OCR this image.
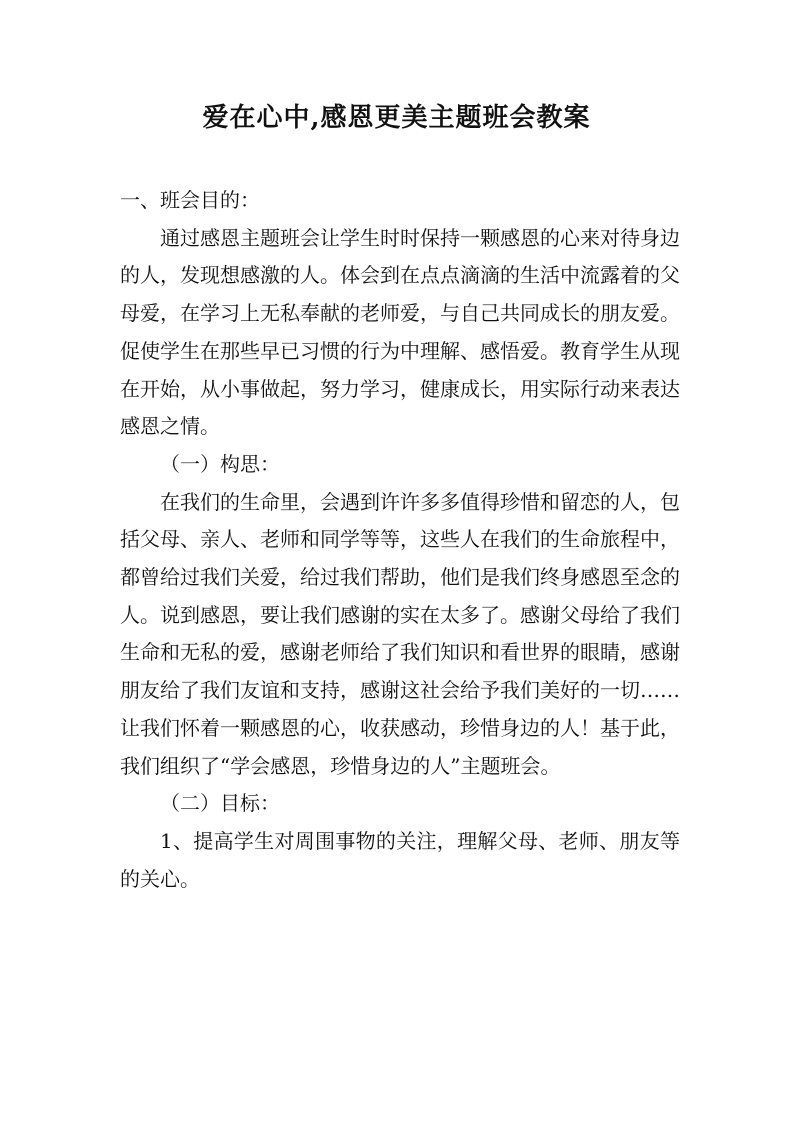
爱在心中,感恩更美主题班会教案

一、班会目的：

通过感恩主题班会让学生时时保持一颗感恩的心来对待身边的人，发现想感激的人。体会到在点点滴滴的生活中流露着的父母爱，在学习上无私奉献的老师爱，与自己共同成长的朋友爱。促使学生在那些早已习惯的行为中理解、感悟爱。教育学生从现在开始，从小事做起，努力学习，健康成长，用实际行动来表达感恩之情。

（一）构思：

在我们的生命里，会遇到许许多多值得珍惜和留恋的人，包括父母、亲人、老师和同学等等，这些人在我们的生命旅程中，都曾给过我们关爱，给过我们帮助，他们是我们终身感恩至念的人。说到感恩，要让我们感谢的实在太多了。感谢父母给了我们生命和无私的爱，感谢老师给了我们知识和看世界的眼睛，感谢朋友给了我们友谊和支持，感谢这社会给予我们美好的一切……让我们怀着一颗感恩的心，收获感动，珍惜身边的人！基于此，我们组织了“学会感恩，珍惜身边的人”主题班会。

（二）目标：

1、提高学生对周围事物的关注，理解父母、老师、朋友等的关心。
